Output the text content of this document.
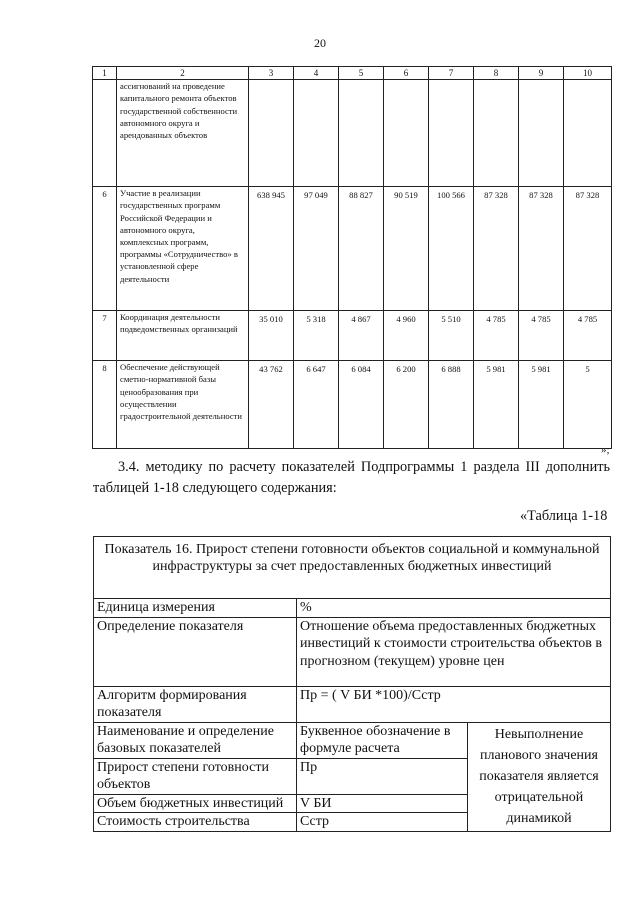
20
1	2	3	4	5	6	7	8	9	10
	ассигнований на проведение капитального ремонта объектов государственной собственности автономного округа и арендованных объектов								
6	Участие в реализации государственных программ Российской Федерации и автономного округа, комплексных программ, программы «Сотрудничество» в установленной сфере деятельности	638 945	97 049	88 827	90 519	100 566	87 328	87 328	87 328
7	Координация деятельности подведомственных организаций	35 010	5 318	4 867	4 960	5 510	4 785	4 785	4 785
8	Обеспечение действующей сметно-нормативной базы ценообразования при осуществлении градостроительной деятельности	43 762	6 647	6 084	6 200	6 888	5 981	5 981	5
»;
3.4. методику по расчету показателей Подпрограммы 1 раздела III дополнить таблицей 1-18 следующего содержания:
«Таблица 1-18
Показатель 16. Прирост степени готовности объектов социальной и коммунальной инфраструктуры за счет предоставленных бюджетных инвестиций		
Единица измерения	%	
Определение показателя	Отношение объема предоставленных бюджетных инвестиций к стоимости строительства объектов в прогнозном (текущем) уровне цен	
Алгоритм формирования показателя	Пр = ( V БИ *100)/Сстр	
Наименование и определение базовых показателей	Буквенное обозначение в формуле расчета	Невыполнение планового значения показателя является отрицательной динамикой
Прирост степени готовности объектов	Пр	
Объем бюджетных инвестиций	V БИ	
Стоимость строительства	Сстр	
